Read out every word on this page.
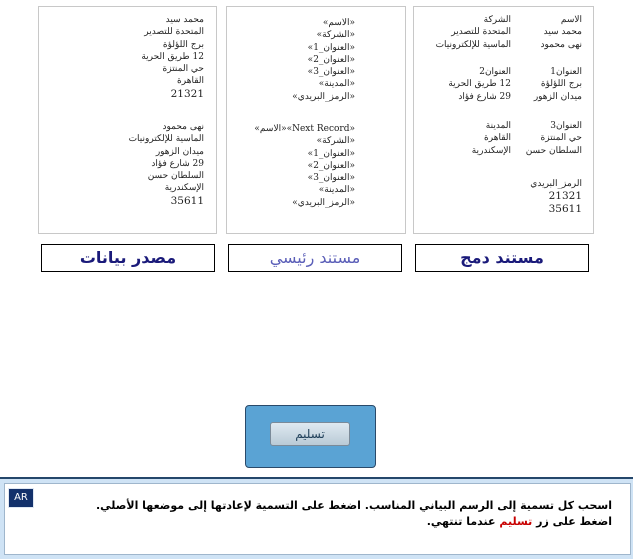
محمد سيد
المتحدة للتصدير
برج اللؤلؤة
12 طريق الحرية
حي المنتزة
القاهرة
21321
نهى محمود
الماسية للإلكترونيات
ميدان الزهور
29 شارع فؤاد
السلطان حسن
الإسكندرية
35611
«الاسم»
«الشركة»
«العنوان_1»
«العنوان_2»
«العنوان_3»
«المدينة»
«الرمز_البريدي»
«Next Record»«الاسم»
«الشركة»
«العنوان_1»
«العنوان_2»
«العنوان_3»
«المدينة»
«الرمز_البريدي»
الاسم
محمد سيد
نهى محمود
الشركة
المتحدة للتصدير
الماسية للإلكترونيات
العنوان1
برج اللؤلؤة
ميدان الزهور
العنوان2
12 طريق الحرية
29 شارع فؤاد
العنوان3
حي المنتزة
السلطان حسن
المدينة
القاهرة
الإسكندرية
الرمز_البريدي
21321
35611
مصدر بيانات	مستند رئيسي	مستند دمج
تسليم
AR
اسحب كل تسمية إلى الرسم البياني المناسب. اضغط على التسمية لإعادتها إلى موضعها الأصلي.
اضغط على زر تسليم عندما تنتهي.
